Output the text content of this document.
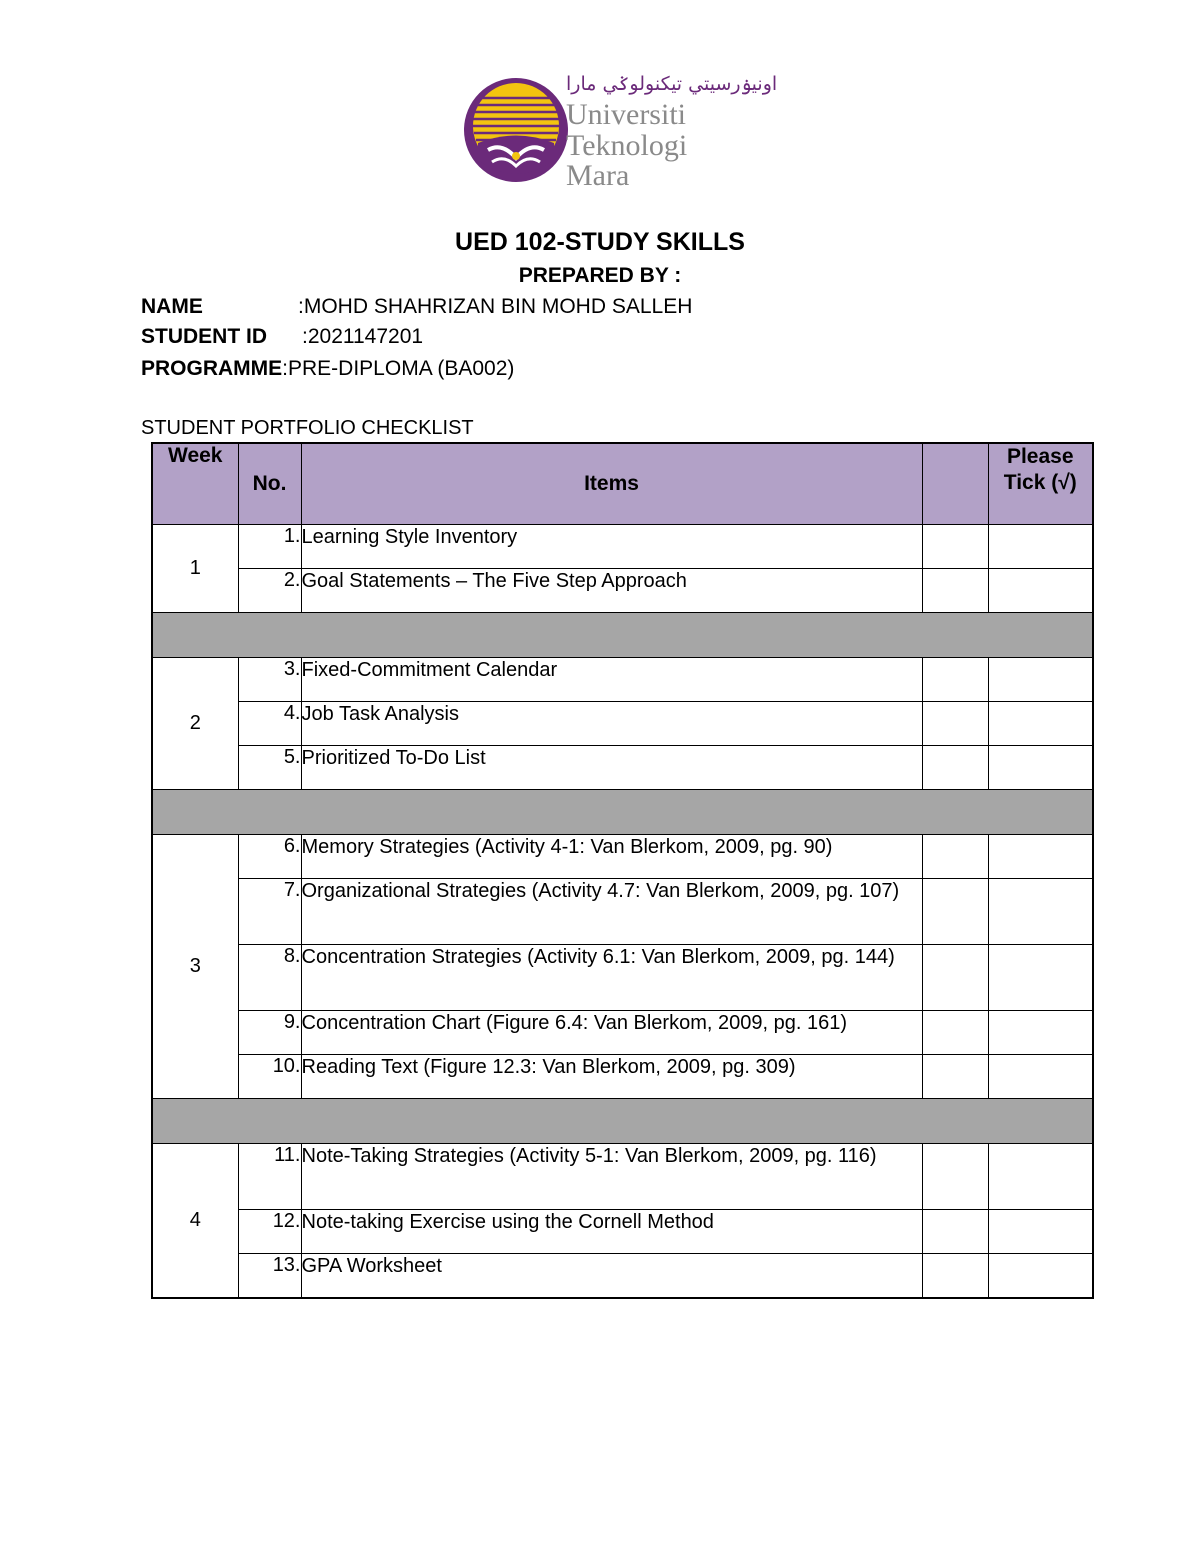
اونيۏرسيتي تيكنولوݢي مارا
Universiti
Teknologi
Mara
UED 102-STUDY SKILLS
PREPARED BY :
NAME	:MOHD SHAHRIZAN BIN MOHD SALLEH
STUDENT ID :2021147201
PROGRAMME:PRE-DIPLOMA (BA002)
STUDENT PORTFOLIO CHECKLIST
Week	No.	Items		Please
Tick (√)
1	1.	Learning Style Inventory		
	2.	Goal Statements – The Five Step Approach		

2	3.	Fixed-Commitment Calendar		
	4.	Job Task Analysis		
	5.	Prioritized To-Do List		

3	6.	Memory Strategies (Activity 4-1: Van Blerkom, 2009, pg. 90)		
	7.	Organizational Strategies (Activity 4.7: Van Blerkom, 2009, pg. 107)		
	8.	Concentration Strategies (Activity 6.1: Van Blerkom, 2009, pg. 144)		
	9.	Concentration Chart (Figure 6.4: Van Blerkom, 2009, pg. 161)		
	10.	Reading Text (Figure 12.3: Van Blerkom, 2009, pg. 309)		

4	11.	Note-Taking Strategies (Activity 5-1: Van Blerkom, 2009, pg. 116)		
	12.	Note-taking Exercise using the Cornell Method		
	13.	GPA Worksheet		
